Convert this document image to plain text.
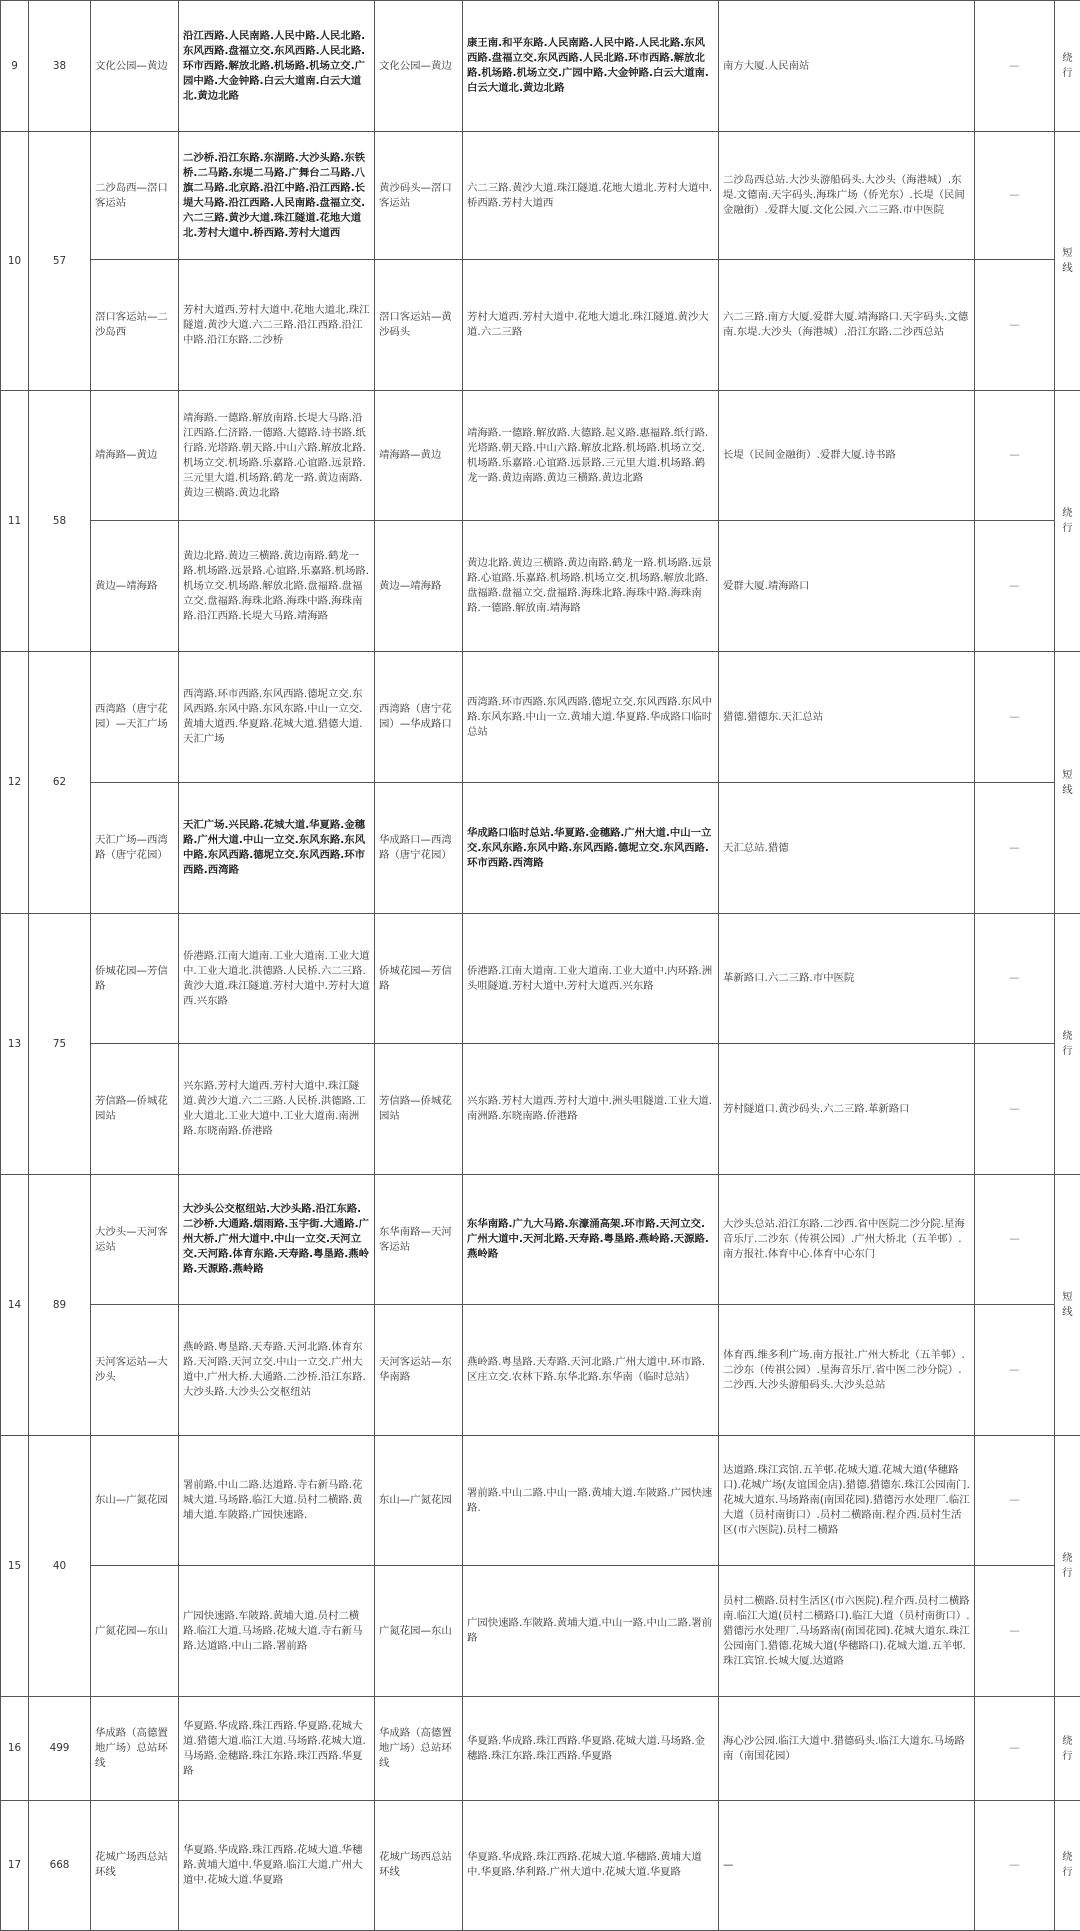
9	38	文化公园—黄边	沿江西路.人民南路.人民中路.人民北路.东风西路.盘福立交.东风西路.人民北路.环市西路.解放北路.机场路.机场立交.广园中路.大金钟路.白云大道南.白云大道北.黄边北路	文化公园—黄边	康王南.和平东路.人民南路.人民中路.人民北路.东风西路.盘福立交.东风西路.人民北路.环市西路.解放北路.机场路.机场立交.广园中路.大金钟路.白云大道南.白云大道北.黄边北路	南方大厦.人民南站	—	绕行
10	57	二沙岛西—滘口客运站	二沙桥.沿江东路.东湖路.大沙头路.东铁桥.二马路.东堤二马路.广舞台二马路.八旗二马路.北京路.沿江中路.沿江西路.长堤大马路.沿江西路.人民南路.盘福立交.六二三路.黄沙大道.珠江隧道.花地大道北.芳村大道中.桥西路.芳村大道西	黄沙码头—滘口客运站	六二三路.黄沙大道.珠江隧道.花地大道北.芳村大道中.桥西路.芳村大道西	二沙岛西总站.大沙头游船码头.大沙头（海港城）.东堤.文德南.天字码头.海珠广场（侨光东）.长堤（民间金融街）.爱群大厦.文化公园.六二三路.市中医院	—	短线
		滘口客运站—二沙岛西	芳村大道西.芳村大道中.花地大道北.珠江隧道.黄沙大道.六二三路.沿江西路.沿江中路.沿江东路.二沙桥	滘口客运站—黄沙码头	芳村大道西.芳村大道中.花地大道北.珠江隧道.黄沙大道.六二三路	六二三路.南方大厦.爱群大厦.靖海路口.天字码头.文德南.东堤.大沙头（海港城）.沿江东路.二沙西总站	—	
11	58	靖海路—黄边	靖海路.一德路.解放南路.长堤大马路.沿江西路.仁济路.一德路.大德路.诗书路.纸行路.光塔路.朝天路.中山六路.解放北路.机场立交.机场路.乐嘉路.心谊路.远景路.三元里大道.机场路.鹤龙一路.黄边南路.黄边三横路.黄边北路	靖海路—黄边	靖海路.一德路.解放路.大德路.起义路.惠福路.纸行路.光塔路.朝天路.中山六路.解放北路.机场路.机场立交.机场路.乐嘉路.心谊路.远景路.三元里大道.机场路.鹤龙一路.黄边南路.黄边三横路.黄边北路	长堤（民间金融街）.爱群大厦.诗书路	—	绕行
		黄边—靖海路	黄边北路.黄边三横路.黄边南路.鹤龙一路.机场路.远景路.心谊路.乐嘉路.机场路.机场立交.机场路.解放北路.盘福路.盘福立交.盘福路.海珠北路.海珠中路.海珠南路.沿江西路.长堤大马路.靖海路	黄边—靖海路	黄边北路.黄边三横路.黄边南路.鹤龙一路.机场路.远景路.心谊路.乐嘉路.机场路.机场立交.机场路.解放北路.盘福路.盘福立交.盘福路.海珠北路.海珠中路.海珠南路.一德路.解放南.靖海路	爱群大厦.靖海路口	—	
12	62	西湾路（唐宁花园）—天汇广场	西湾路.环市西路.东风西路.德坭立交.东风西路.东风中路.东风东路.中山一立交.黄埔大道西.华夏路.花城大道.猎德大道.天汇广场	西湾路（唐宁花园）—华成路口	西湾路.环市西路.东风西路.德坭立交.东风西路.东风中路.东风东路.中山一立.黄埔大道.华夏路.华成路口临时总站	猎德.猎德东.天汇总站	—	短线
		天汇广场—西湾路（唐宁花园）	天汇广场.兴民路.花城大道.华夏路.金穗路.广州大道.中山一立交.东风东路.东风中路.东风西路.德坭立交.东风西路.环市西路.西湾路	华成路口—西湾路（唐宁花园）	华成路口临时总站.华夏路.金穗路.广州大道.中山一立交.东风东路.东风中路.东风西路.德坭立交.东风西路.环市西路.西湾路	天汇总站.猎德	—	
13	75	侨城花园—芳信路	侨港路.江南大道南.工业大道南.工业大道中.工业大道北.洪德路.人民桥.六二三路.黄沙大道.珠江隧道.芳村大道中.芳村大道西.兴东路	侨城花园—芳信路	侨港路.江南大道南.工业大道南.工业大道中.内环路.洲头咀隧道.芳村大道中.芳村大道西.兴东路	革新路口.六二三路.市中医院	—	绕行
		芳信路—侨城花园站	兴东路.芳村大道西.芳村大道中.珠江隧道.黄沙大道.六二三路.人民桥.洪德路.工业大道北.工业大道中.工业大道南.南洲路.东晓南路.侨港路	芳信路—侨城花园站	兴东路.芳村大道西.芳村大道中.洲头咀隧道.工业大道.南洲路.东晓南路.侨港路	芳村隧道口.黄沙码头.六二三路.革新路口	—	
14	89	大沙头—天河客运站	大沙头公交枢纽站.大沙头路.沿江东路.二沙桥.大通路.烟雨路.玉宇街.大通路.广州大桥.广州大道中.中山一立交.天河立交.天河路.体育东路.天寿路.粤垦路.燕岭路.天源路.燕岭路	东华南路—天河客运站	东华南路.广九大马路.东濠涌高架.环市路.天河立交.广州大道中.天河北路.天寿路.粤垦路.燕岭路.天源路.燕岭路	大沙头总站.沿江东路.二沙西.省中医院二沙分院.星海音乐厅.二沙东（传祺公园）.广州大桥北（五羊邨）.南方报社.体育中心.体育中心东门	—	短线
		天河客运站—大沙头	燕岭路.粤垦路.天寿路.天河北路.体育东路.天河路.天河立交.中山一立交.广州大道中.广州大桥.大通路.二沙桥.沿江东路.大沙头路.大沙头公交枢纽站	天河客运站—东华南路	燕岭路.粤垦路.天寿路.天河北路.广州大道中.环市路.区庄立交.农林下路.东华北路.东华南（临时总站）	体育西.维多利广场.南方报社.广州大桥北（五羊邨）.二沙东（传祺公园）.星海音乐厅.省中医二沙分院）.二沙西.大沙头游船码头.大沙头总站	—	
15	40	东山—广氮花园	署前路.中山二路.达道路.寺右新马路.花城大道.马场路.临江大道.员村二横路.黄埔大道.车陂路.广园快速路.	东山—广氮花园	署前路.中山二路.中山一路.黄埔大道.车陂路.广园快速路.	达道路.珠江宾馆.五羊邨.花城大道.花城大道(华穗路口).花城广场(友谊国金店).猎德.猎德东.珠江公园南门.花城大道东.马场路南(南国花园).猎德污水处理厂.临江大道（员村南街口）.员村二横路南.程介西.员村生活区(市六医院).员村二横路	—	绕行
		广氮花园—东山	广园快速路.车陂路.黄埔大道.员村二横路.临江大道.马场路.花城大道.寺右新马路.达道路.中山二路.署前路	广氮花园—东山	广园快速路.车陂路.黄埔大道.中山一路.中山二路.署前路	员村二横路.员村生活区(市六医院).程介西.员村二横路南.临江大道(员村二横路口).临江大道（员村南街口）.猎德污水处理厂.马场路南(南国花园).花城大道东.珠江公园南门.猎德.花城大道(华穗路口).花城大道.五羊邨.珠江宾馆.长城大厦.达道路	—	
16	499	华成路（高德置地广场）总站环线	华夏路.华成路.珠江西路.华夏路.花城大道.猎德大道.临江大道.马场路.花城大道.马场路.金穗路.珠江东路.珠江西路.华夏路	华成路（高德置地广场）总站环线	华夏路.华成路.珠江西路.华夏路.花城大道.马场路.金穗路.珠江东路.珠江西路.华夏路	海心沙公园.临江大道中.猎德码头.临江大道东.马场路南（南国花园）	—	绕行
17	668	花城广场西总站环线	华夏路.华成路.珠江西路.花城大道.华穗路.黄埔大道中.华夏路.临江大道.广州大道中.花城大道.华夏路	花城广场西总站环线	华夏路.华成路.珠江西路.花城大道.华穗路.黄埔大道中.华夏路.华利路.广州大道中.花城大道.华夏路	—	—	绕行
